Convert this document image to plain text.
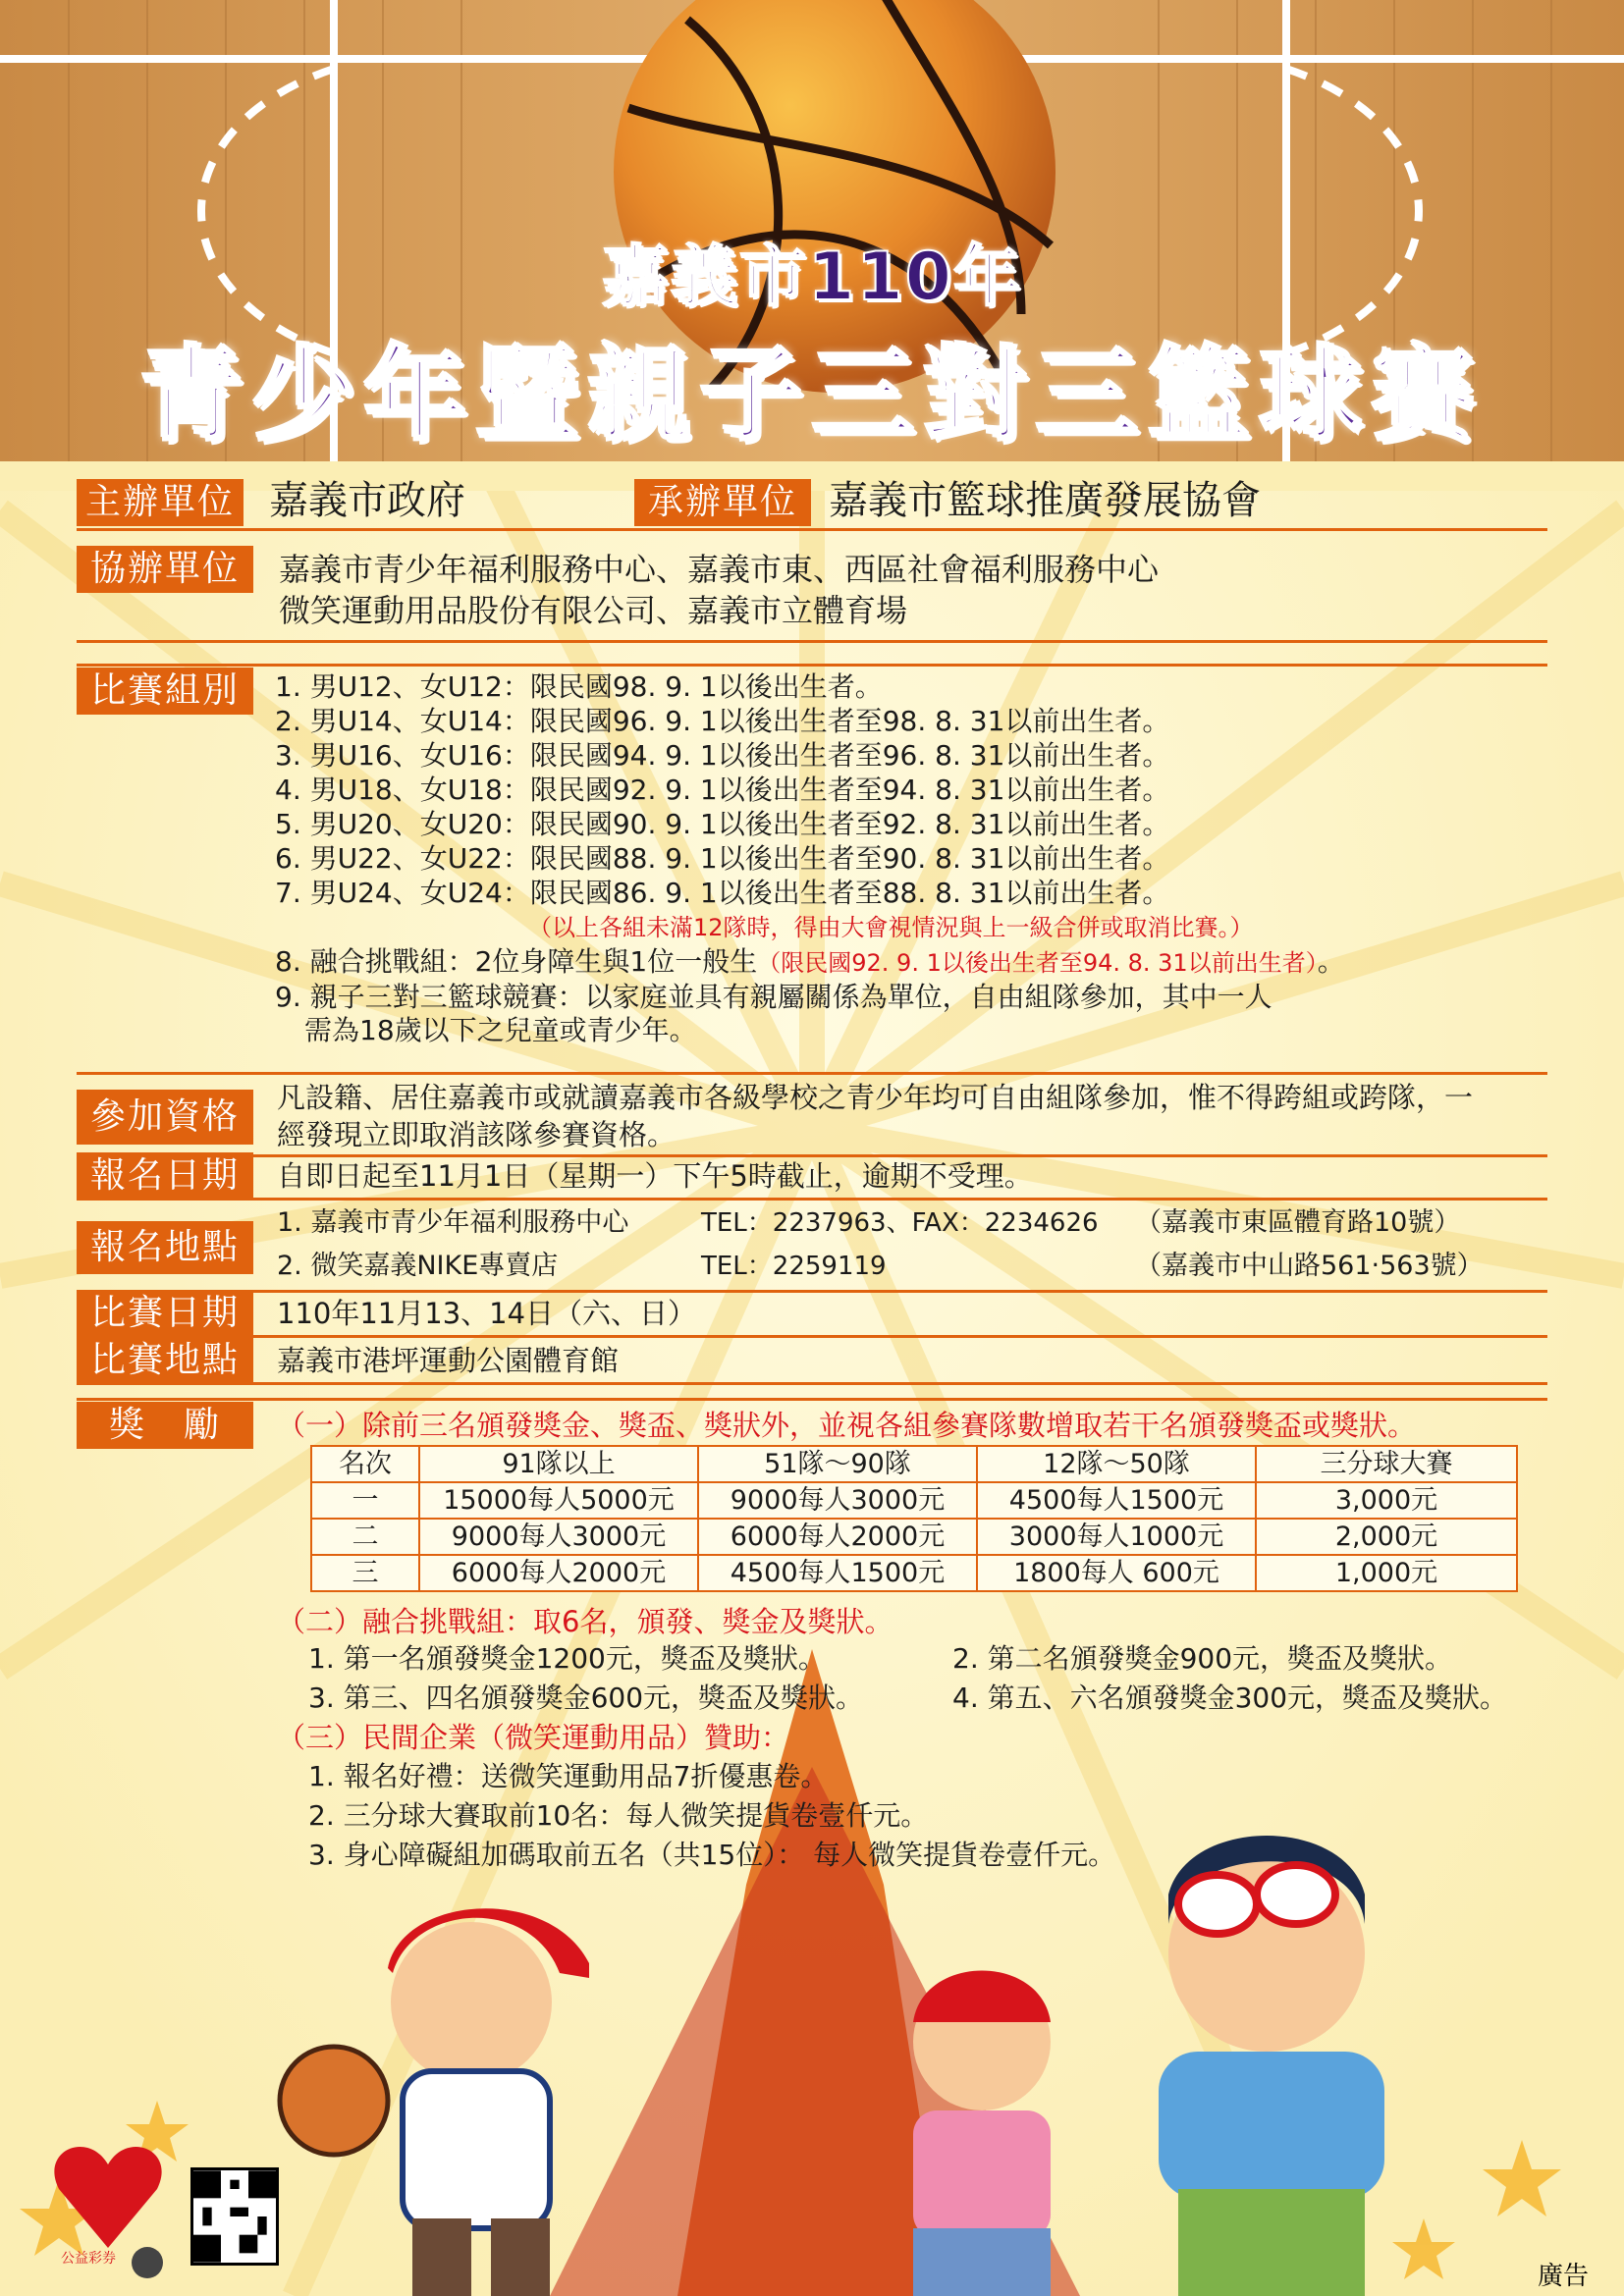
嘉義市110年
青少年暨親子三對三籃球賽
主辦單位 嘉義市政府	承辦單位 嘉義市籃球推廣發展協會
協辦單位	嘉義市青少年福利服務中心、嘉義市東、西區社會福利服務中心
微笑運動用品股份有限公司、嘉義市立體育場
比賽組別	1. 男U12、女U12：限民國98. 9. 1以後出生者。
2. 男U14、女U14：限民國96. 9. 1以後出生者至98. 8. 31以前出生者。
3. 男U16、女U16：限民國94. 9. 1以後出生者至96. 8. 31以前出生者。
4. 男U18、女U18：限民國92. 9. 1以後出生者至94. 8. 31以前出生者。
5. 男U20、女U20：限民國90. 9. 1以後出生者至92. 8. 31以前出生者。
6. 男U22、女U22：限民國88. 9. 1以後出生者至90. 8. 31以前出生者。
7. 男U24、女U24：限民國86. 9. 1以後出生者至88. 8. 31以前出生者。
（以上各組未滿12隊時，得由大會視情況與上一級合併或取消比賽。）
8. 融合挑戰組：2位身障生與1位一般生（限民國92. 9. 1以後出生者至94. 8. 31以前出生者）。
9. 親子三對三籃球競賽：以家庭並具有親屬關係為單位，自由組隊參加，其中一人
需為18歲以下之兒童或青少年。
參加資格	凡設籍、居住嘉義市或就讀嘉義市各級學校之青少年均可自由組隊參加，惟不得跨組或跨隊，一
經發現立即取消該隊參賽資格。
報名日期	自即日起至11月1日（星期一）下午5時截止，逾期不受理。
報名地點
1. 嘉義市青少年福利服務中心	TEL：2237963、FAX：2234626 （嘉義市東區體育路10號）
2. 微笑嘉義NIKE專賣店	TEL：2259119	（嘉義市中山路561‧563號）
比賽日期	110年11月13、14日（六、日）
比賽地點	嘉義市港坪運動公園體育館
獎　勵	（一）除前三名頒發獎金、獎盃、獎狀外，並視各組參賽隊數增取若干名頒發獎盃或獎狀。
名次	91隊以上	51隊～90隊	12隊～50隊	三分球大賽
一	15000每人5000元	9000每人3000元	4500每人1500元	3,000元
二	9000每人3000元	6000每人2000元	3000每人1000元	2,000元
三	6000每人2000元	4500每人1500元	1800每人 600元	1,000元
（二）融合挑戰組：取6名，頒發、獎金及獎狀。
1. 第一名頒發獎金1200元，獎盃及獎狀。	2. 第二名頒發獎金900元，獎盃及獎狀。
3. 第三、四名頒發獎金600元，獎盃及獎狀。	4. 第五、六名頒發獎金300元，獎盃及獎狀。
（三）民間企業（微笑運動用品）贊助：
1. 報名好禮：送微笑運動用品7折優惠卷。
2. 三分球大賽取前10名：每人微笑提貨卷壹仟元。
3. 身心障礙組加碼取前五名（共15位）： 每人微笑提貨卷壹仟元。
公益彩券
廣告
